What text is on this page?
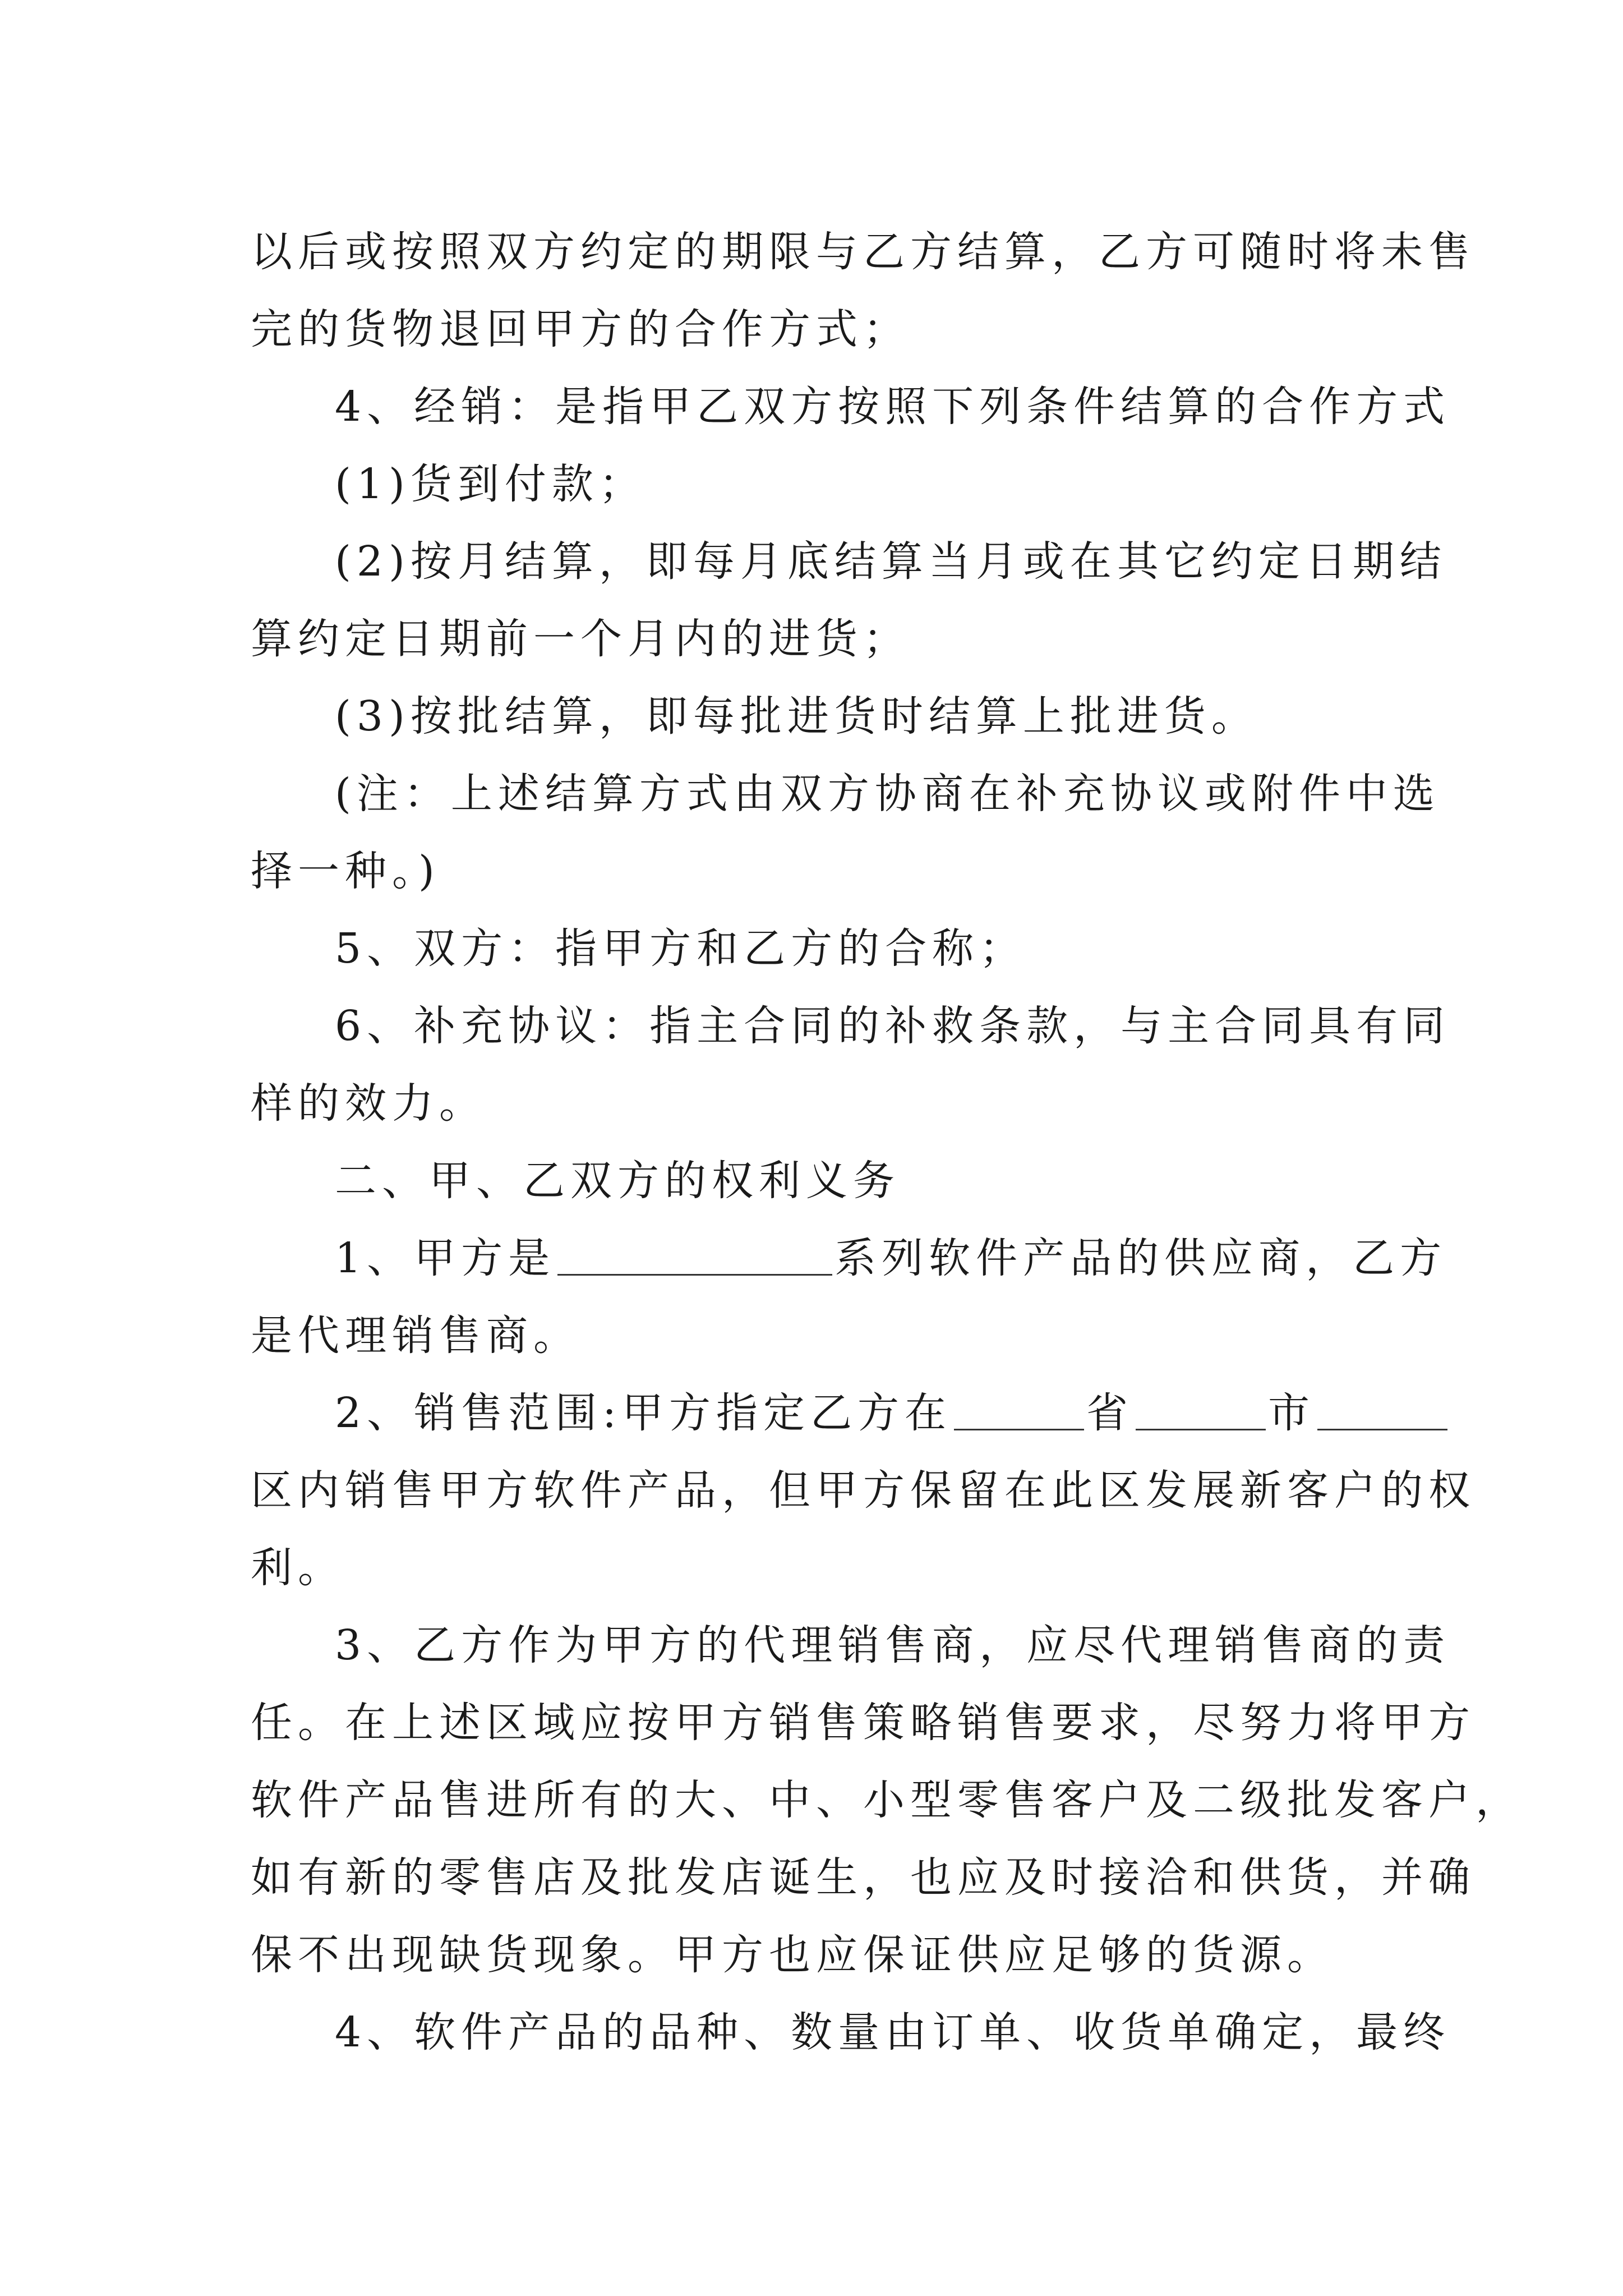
以后或按照双方约定的期限与乙方结算，乙方可随时将未售
完的货物退回甲方的合作方式；
4、经销：是指甲乙双方按照下列条件结算的合作方式
(1)货到付款；
(2)按月结算，即每月底结算当月或在其它约定日期结
算约定日期前一个月内的进货；
(3)按批结算，即每批进货时结算上批进货。
(注：上述结算方式由双方协商在补充协议或附件中选
择一种。)
5、双方：指甲方和乙方的合称；
6、补充协议：指主合同的补救条款，与主合同具有同
样的效力。
二、甲、乙双方的权利义务
1、甲方是	系列软件产品的供应商，乙方
是代理销售商。
2、销售范围:甲方指定乙方在	省	市
区内销售甲方软件产品，但甲方保留在此区发展新客户的权
利。
3、乙方作为甲方的代理销售商，应尽代理销售商的责
任。在上述区域应按甲方销售策略销售要求，尽努力将甲方
软件产品售进所有的大、中、小型零售客户及二级批发客户，
如有新的零售店及批发店诞生，也应及时接洽和供货，并确
保不出现缺货现象。甲方也应保证供应足够的货源。
4、软件产品的品种、数量由订单、收货单确定，最终
